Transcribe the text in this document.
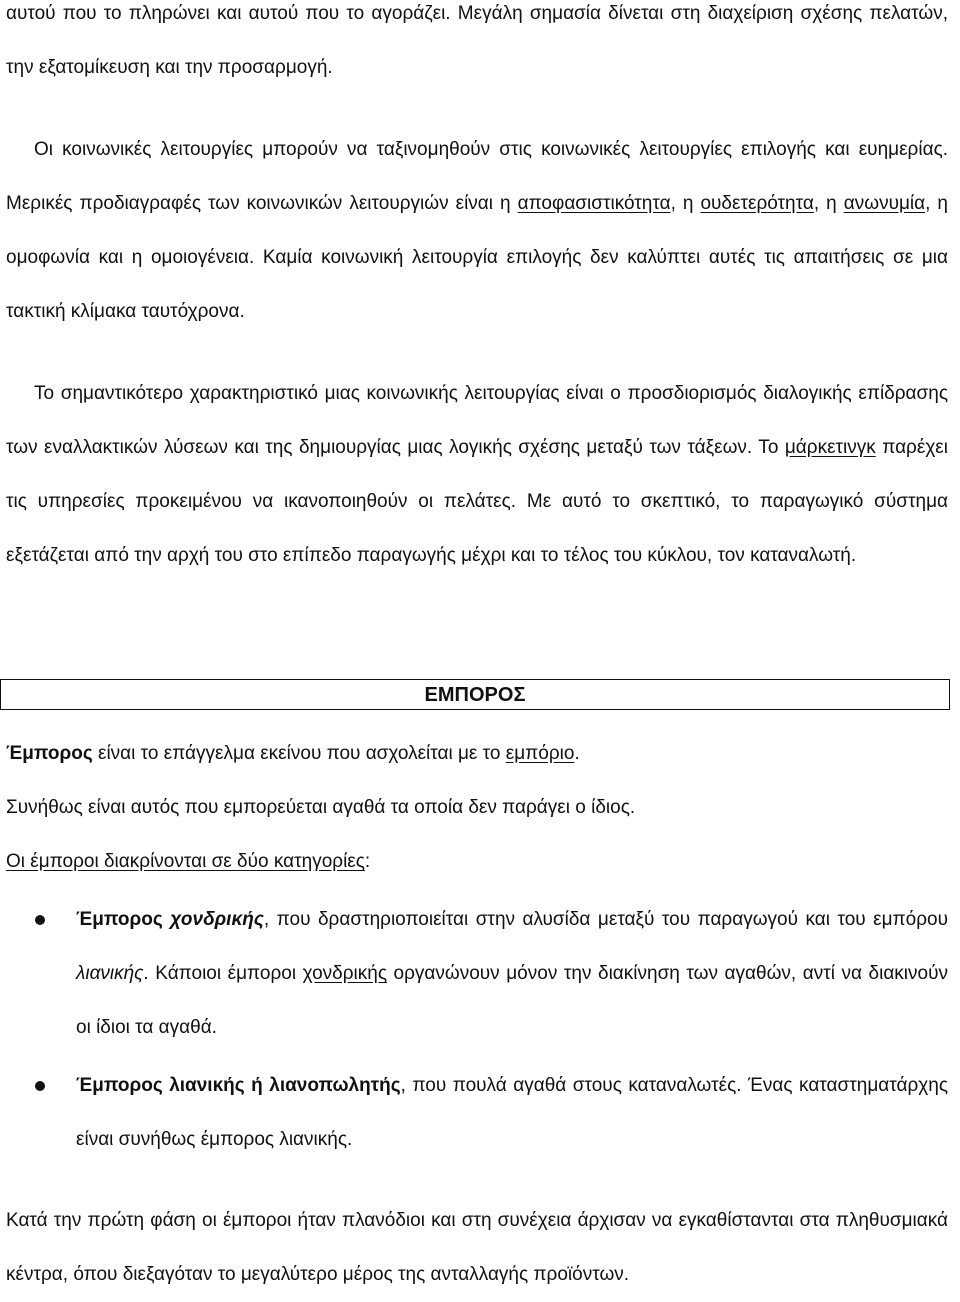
αυτού που το πληρώνει και αυτού που το αγοράζει. Μεγάλη σημασία δίνεται στη διαχείριση σχέσης πελατών, την εξατομίκευση και την προσαρμογή.

Οι κοινωνικές λειτουργίες μπορούν να ταξινομηθούν στις κοινωνικές λειτουργίες επιλογής και ευημερίας. Μερικές προδιαγραφές των κοινωνικών λειτουργιών είναι η αποφασιστικότητα, η ουδετερότητα, η ανωνυμία, η ομοφωνία και η ομοιογένεια. Καμία κοινωνική λειτουργία επιλογής δεν καλύπτει αυτές τις απαιτήσεις σε μια τακτική κλίμακα ταυτόχρονα.

Το σημαντικότερο χαρακτηριστικό μιας κοινωνικής λειτουργίας είναι ο προσδιορισμός διαλογικής επίδρασης των εναλλακτικών λύσεων και της δημιουργίας μιας λογικής σχέσης μεταξύ των τάξεων. Το μάρκετινγκ παρέχει τις υπηρεσίες προκειμένου να ικανοποιηθούν οι πελάτες. Με αυτό το σκεπτικό, το παραγωγικό σύστημα εξετάζεται από την αρχή του στο επίπεδο παραγωγής μέχρι και το τέλος του κύκλου, τον καταναλωτή.

ΕΜΠΟΡΟΣ

Έμπορος είναι το επάγγελμα εκείνου που ασχολείται με το εμπόριο.

Συνήθως είναι αυτός που εμπορεύεται αγαθά τα οποία δεν παράγει ο ίδιος.

Οι έμποροι διακρίνονται σε δύο κατηγορίες:

Έμπορος χονδρικής, που δραστηριοποιείται στην αλυσίδα μεταξύ του παραγωγού και του εμπόρου λιανικής. Κάποιοι έμποροι χονδρικής οργανώνουν μόνον την διακίνηση των αγαθών, αντί να διακινούν οι ίδιοι τα αγαθά.
Έμπορος λιανικής ή λιανοπωλητής, που πουλά αγαθά στους καταναλωτές. Ένας καταστηματάρχης είναι συνήθως έμπορος λιανικής.

Κατά την πρώτη φάση οι έμποροι ήταν πλανόδιοι και στη συνέχεια άρχισαν να εγκαθίστανται στα πληθυσμιακά κέντρα, όπου διεξαγόταν το μεγαλύτερο μέρος της ανταλλαγής προϊόντων.
